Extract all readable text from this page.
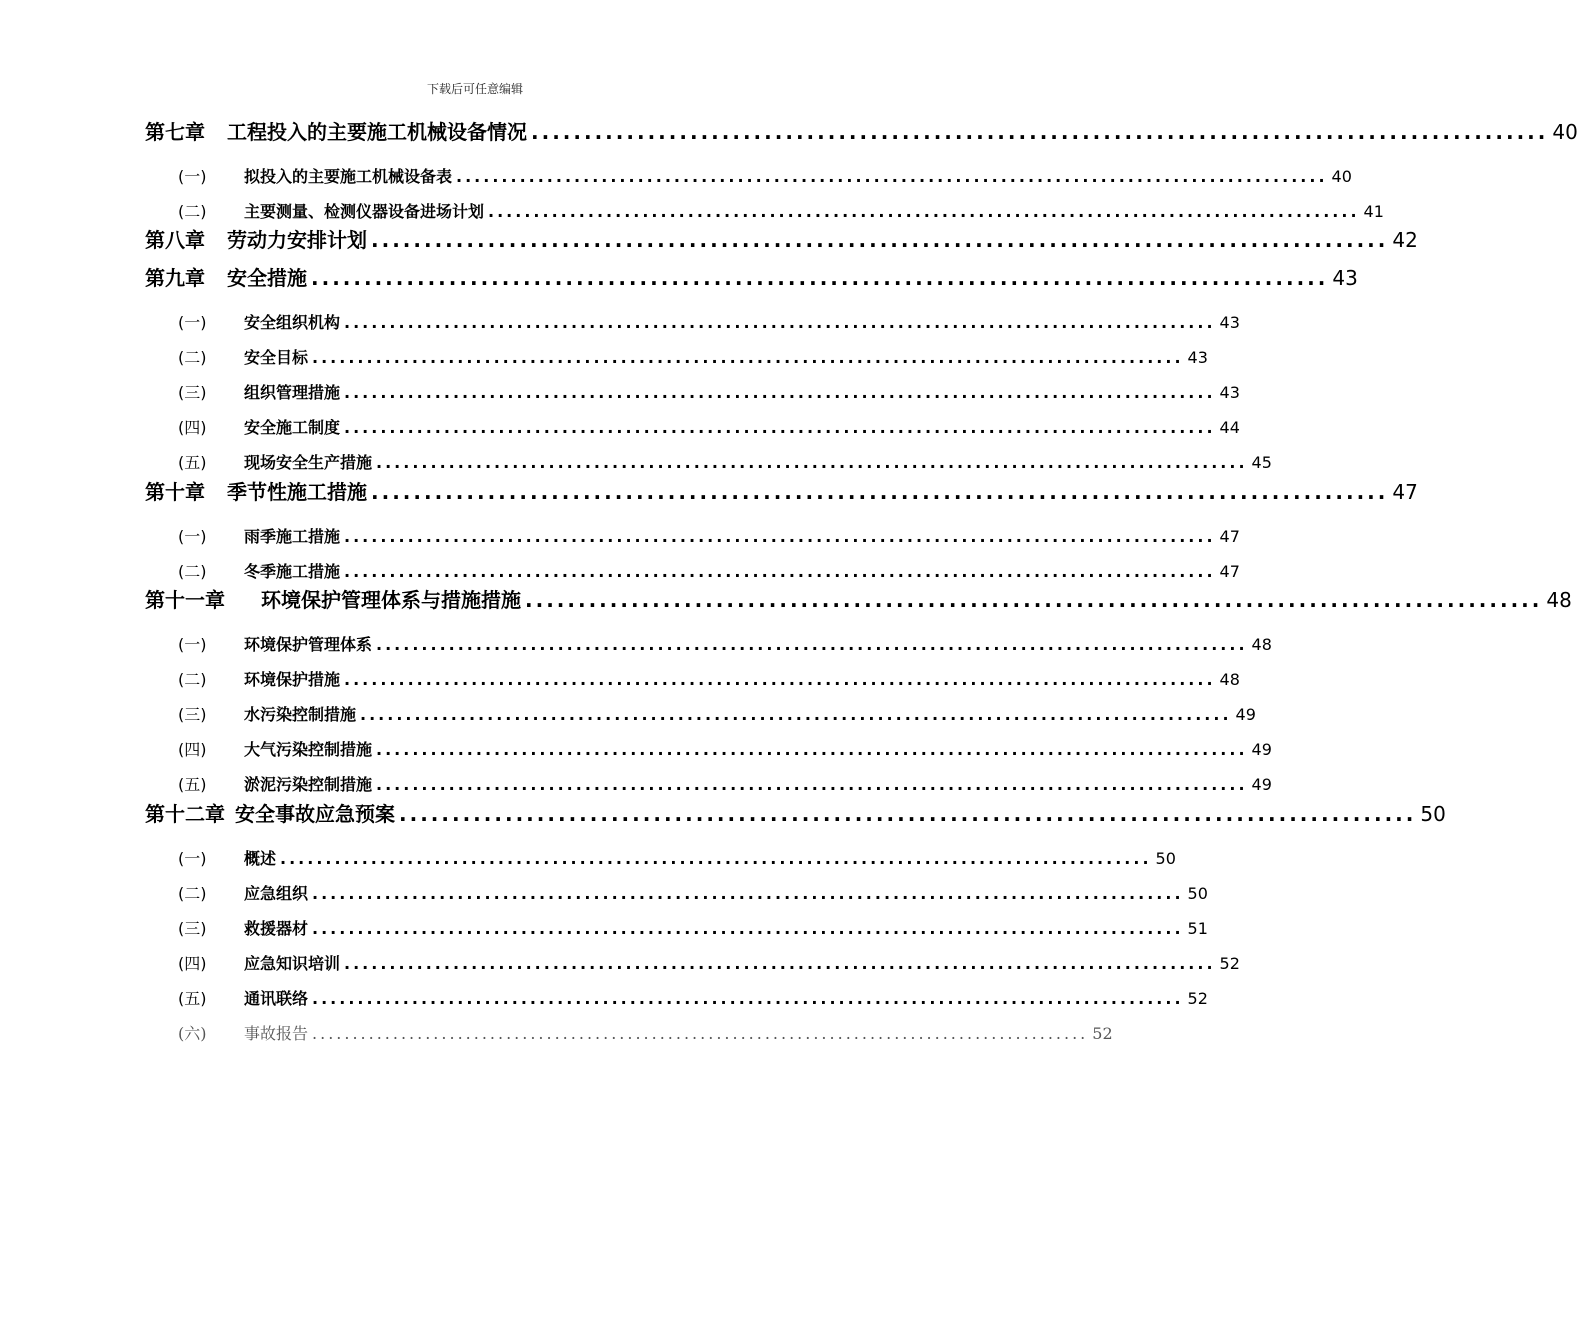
下载后可任意编辑
第七章 工程投入的主要施工机械设备情况 ................................................................................................ 40
(一)	拟投入的主要施工机械设备表 ................................................................................................ 40
(二)	主要测量、检测仪器设备进场计划 ................................................................................................ 41
第八章 劳动力安排计划 ................................................................................................ 42
第九章 安全措施 ................................................................................................ 43
(一)	安全组织机构 ................................................................................................ 43
(二)	安全目标 ................................................................................................ 43
(三)	组织管理措施 ................................................................................................ 43
(四)	安全施工制度 ................................................................................................ 44
(五)	现场安全生产措施 ................................................................................................ 45
第十章 季节性施工措施 ................................................................................................ 47
(一)	雨季施工措施 ................................................................................................ 47
(二)	冬季施工措施 ................................................................................................ 47
第十一章 环境保护管理体系与措施措施 ................................................................................................ 48
(一)	环境保护管理体系 ................................................................................................ 48
(二)	环境保护措施 ................................................................................................ 48
(三)	水污染控制措施 ................................................................................................ 49
(四)	大气污染控制措施 ................................................................................................ 49
(五)	淤泥污染控制措施 ................................................................................................ 49
第十二章 安全事故应急预案 ................................................................................................ 50
(一)	概述 ................................................................................................ 50
(二)	应急组织 ................................................................................................ 50
(三)	救援器材 ................................................................................................ 51
(四)	应急知识培训 ................................................................................................ 52
(五)	通讯联络 ................................................................................................ 52
(六)	事故报告 ................................................................................................ 52
